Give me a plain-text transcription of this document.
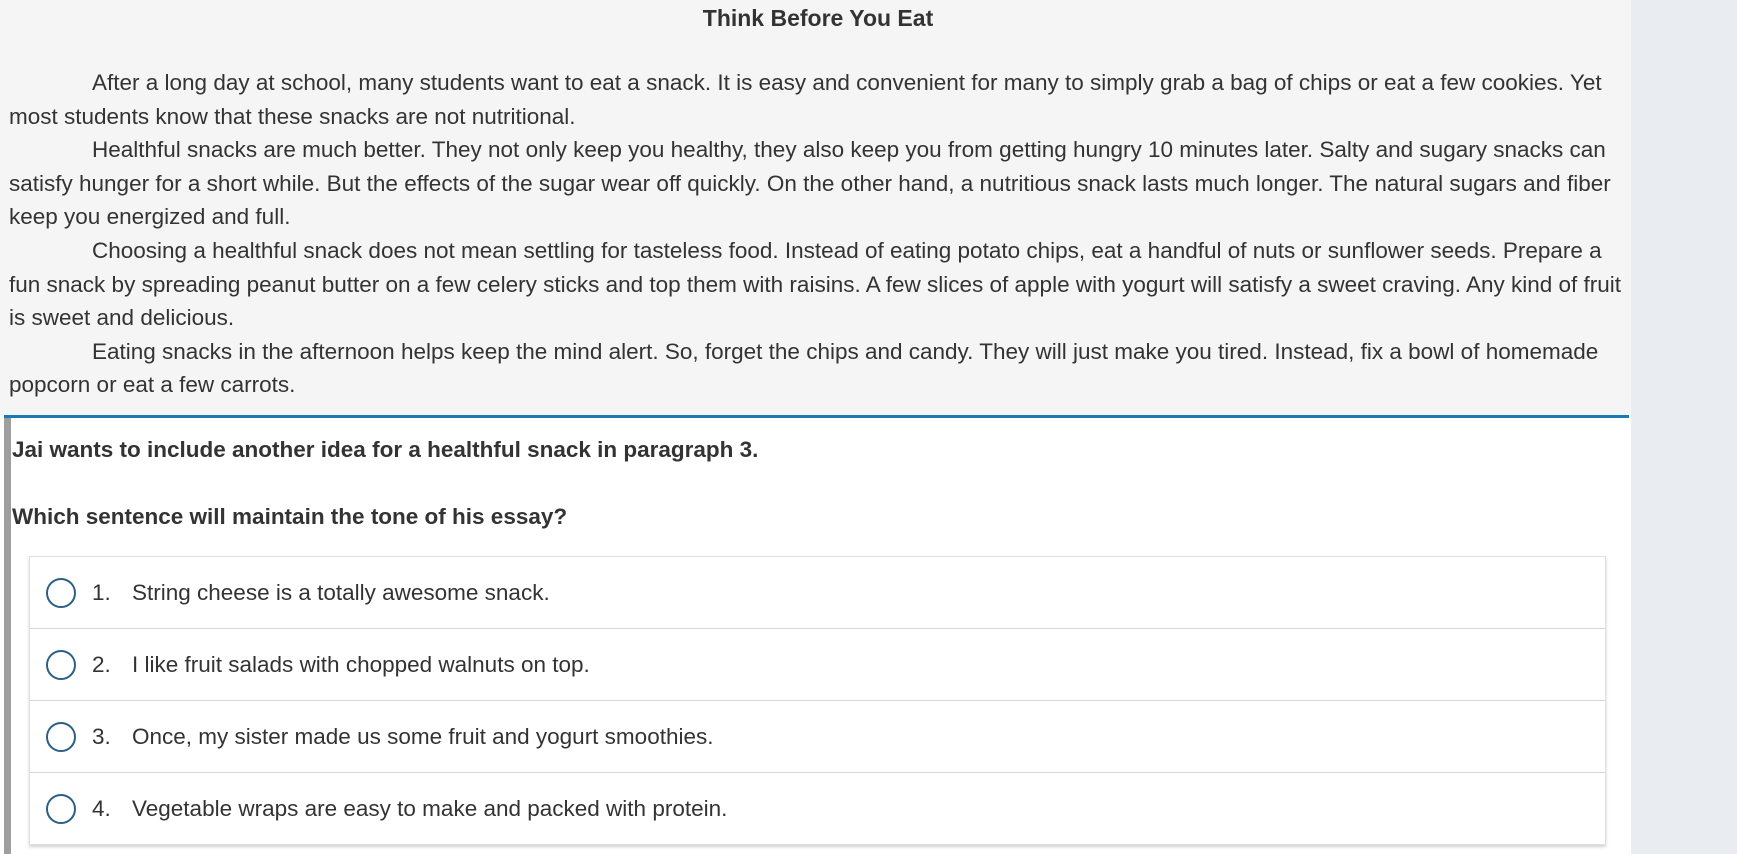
Think Before You Eat

After a long day at school, many students want to eat a snack. It is easy and convenient for many to simply grab a bag of chips or eat a few cookies. Yet most students know that these snacks are not nutritional.

Healthful snacks are much better. They not only keep you healthy, they also keep you from getting hungry 10 minutes later. Salty and sugary snacks can satisfy hunger for a short while. But the effects of the sugar wear off quickly. On the other hand, a nutritious snack lasts much longer. The natural sugars and fiber keep you energized and full.

Choosing a healthful snack does not mean settling for tasteless food. Instead of eating potato chips, eat a handful of nuts or sunflower seeds. Prepare a fun snack by spreading peanut butter on a few celery sticks and top them with raisins. A few slices of apple with yogurt will satisfy a sweet craving. Any kind of fruit is sweet and delicious.

Eating snacks in the afternoon helps keep the mind alert. So, forget the chips and candy. They will just make you tired. Instead, fix a bowl of homemade popcorn or eat a few carrots.

Jai wants to include another idea for a healthful snack in paragraph 3.

Which sentence will maintain the tone of his essay?

1. String cheese is a totally awesome snack.
2. I like fruit salads with chopped walnuts on top.
3. Once, my sister made us some fruit and yogurt smoothies.
4. Vegetable wraps are easy to make and packed with protein.
